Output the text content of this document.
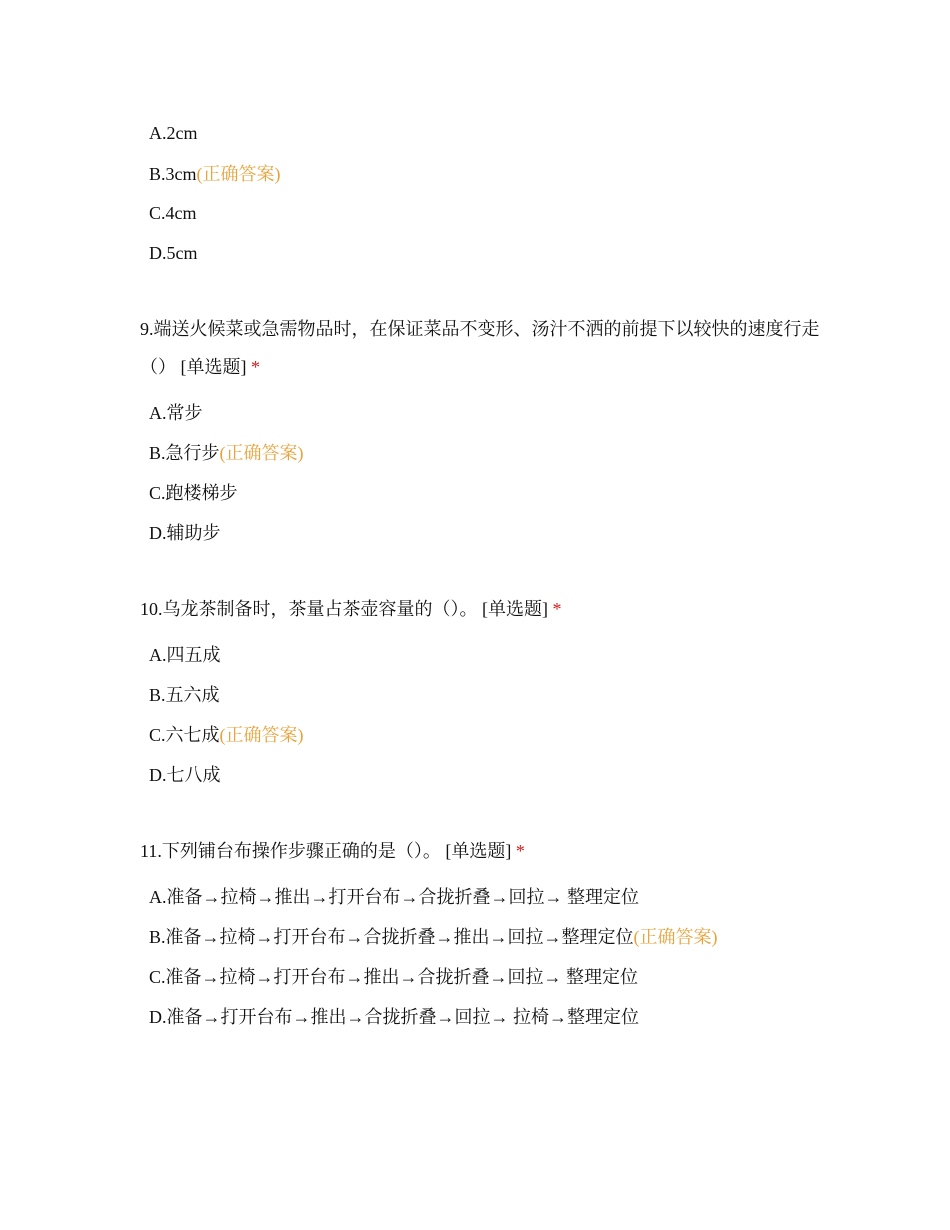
A.2cm
B.3cm(正确答案)
C.4cm
D.5cm
9.端送火候菜或急需物品时，在保证菜品不变形、汤汁不洒的前提下以较快的速度行走（） [单选题] *
A.常步
B.急行步(正确答案)
C.跑楼梯步
D.辅助步
10.乌龙茶制备时，茶量占茶壶容量的（）。 [单选题] *
A.四五成
B.五六成
C.六七成(正确答案)
D.七八成
11.下列铺台布操作步骤正确的是（）。 [单选题] *
A.准备→拉椅→推出→打开台布→合拢折叠→回拉→ 整理定位
B.准备→拉椅→打开台布→合拢折叠→推出→回拉→整理定位(正确答案)
C.准备→拉椅→打开台布→推出→合拢折叠→回拉→ 整理定位
D.准备→打开台布→推出→合拢折叠→回拉→ 拉椅→整理定位
